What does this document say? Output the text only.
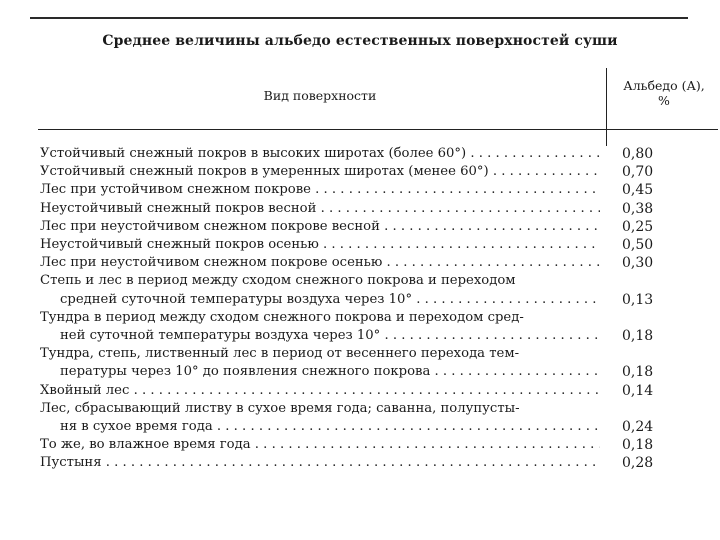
Среднее величины альбедо естественных поверхностей суши
Вид поверхности
Альбедо (А),
%
Устойчивый снежный покров в высоких широтах (более 60°) . . .	0,80
Устойчивый снежный покров в умеренных широтах (менее 60°) . . .	0,70
Лес при устойчивом снежном покрове . . .	0,45
Неустойчивый снежный покров весной . . .	0,38
Лес при неустойчивом снежном покрове весной . . .	0,25
Неустойчивый снежный покров осенью . . .	0,50
Лес при неустойчивом снежном покрове осенью . . .	0,30
Степь и лес в период между сходом снежного покрова и переходом
средней суточной температуры воздуха через 10° . . .	0,13
Тундра в период между сходом снежного покрова и переходом сред-
ней суточной температуры воздуха через 10° . . .	0,18
Тундра, степь, лиственный лес в период от весеннего перехода тем-
пературы через 10° до появления снежного покрова . . .	0,18
Хвойный лес . . .	0,14
Лес, сбрасывающий листву в сухое время года; саванна, полупусты-
ня в сухое время года . . .	0,24
То же, во влажное время года . . .	0,18
Пустыня . . .	0,28
